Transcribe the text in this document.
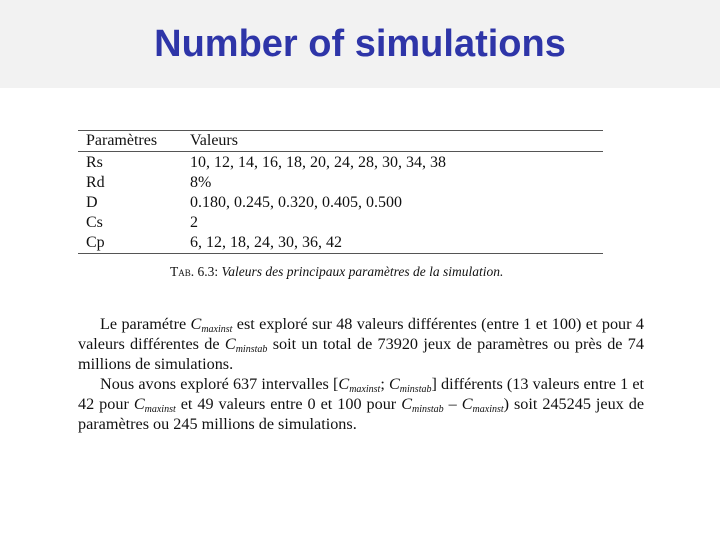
Number of simulations
Paramètres	Valeurs
Rs	10, 12, 14, 16, 18, 20, 24, 28, 30, 34, 38
Rd	8%
D	0.180, 0.245, 0.320, 0.405, 0.500
Cs	2
Cp	6, 12, 18, 24, 30, 36, 42
Tab. 6.3: Valeurs des principaux paramètres de la simulation.

Le paramétre $C_{maxinst}$ est exploré sur 48 valeurs différentes (entre 1 et 100) et pour 4 valeurs différentes de $C_{minstab}$ soit un total de 73920 jeux de paramètres ou près de 74 millions de simulations.

Nous avons exploré 637 intervalles [$C_{maxinst}$; $C_{minstab}$] différents (13 valeurs entre 1 et 42 pour $C_{maxinst}$ et 49 valeurs entre 0 et 100 pour $C_{minstab} - C_{maxinst}$) soit 245245 jeux de paramètres ou 245 millions de simulations.
